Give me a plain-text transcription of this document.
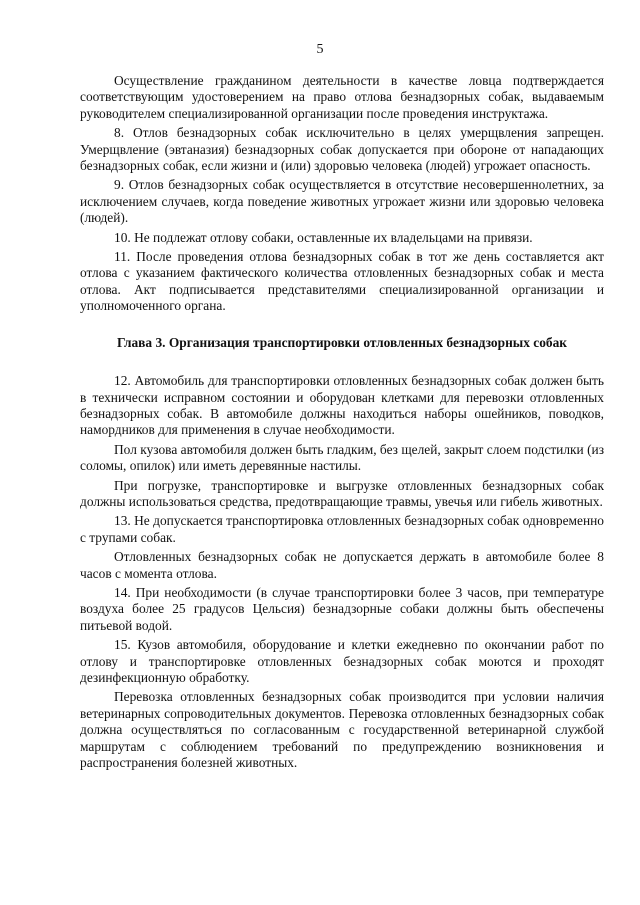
5

Осуществление гражданином деятельности в качестве ловца подтверждается соответствующим удостоверением на право отлова безнадзорных собак, выдаваемым руководителем специализированной организации после проведения инструктажа.

8. Отлов безнадзорных собак исключительно в целях умерщвления запрещен. Умерщвление (эвтаназия) безнадзорных собак допускается при обороне от нападающих безнадзорных собак, если жизни и (или) здоровью человека (людей) угрожает опасность.

9. Отлов безнадзорных собак осуществляется в отсутствие несовершеннолетних, за исключением случаев, когда поведение животных угрожает жизни или здоровью человека (людей).

10. Не подлежат отлову собаки, оставленные их владельцами на привязи.

11. После проведения отлова безнадзорных собак в тот же день составляется акт отлова с указанием фактического количества отловленных безнадзорных собак и места отлова. Акт подписывается представителями специализированной организации и уполномоченного органа.

Глава 3. Организация транспортировки отловленных безнадзорных собак

12. Автомобиль для транспортировки отловленных безнадзорных собак должен быть в технически исправном состоянии и оборудован клетками для перевозки отловленных безнадзорных собак. В автомобиле должны находиться наборы ошейников, поводков, намордников для применения в случае необходимости.

Пол кузова автомобиля должен быть гладким, без щелей, закрыт слоем подстилки (из соломы, опилок) или иметь деревянные настилы.

При погрузке, транспортировке и выгрузке отловленных безнадзорных собак должны использоваться средства, предотвращающие травмы, увечья или гибель животных.

13. Не допускается транспортировка отловленных безнадзорных собак одновременно с трупами собак.

Отловленных безнадзорных собак не допускается держать в автомобиле более 8 часов с момента отлова.

14. При необходимости (в случае транспортировки более 3 часов, при температуре воздуха более 25 градусов Цельсия) безнадзорные собаки должны быть обеспечены питьевой водой.

15. Кузов автомобиля, оборудование и клетки ежедневно по окончании работ по отлову и транспортировке отловленных безнадзорных собак моются и проходят дезинфекционную обработку.

Перевозка отловленных безнадзорных собак производится при условии наличия ветеринарных сопроводительных документов. Перевозка отловленных безнадзорных собак должна осуществляться по согласованным с государственной ветеринарной службой маршрутам с соблюдением требований по предупреждению возникновения и распространения болезней животных.
